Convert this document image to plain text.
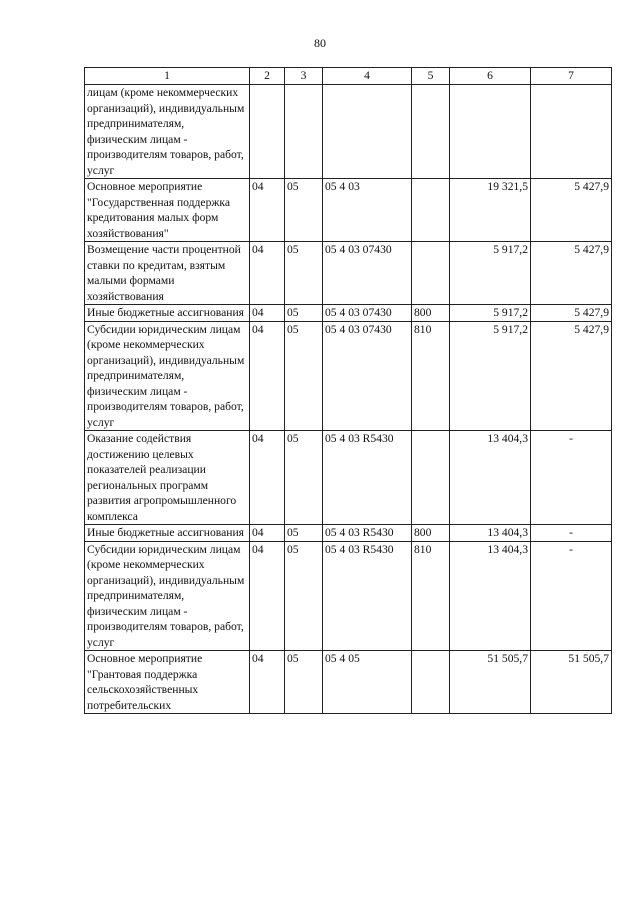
80
1	2	3	4	5	6	7
лицам (кроме некоммерческих организаций), индивидуальным предпринимателям, физическим лицам - производителям товаров, работ, услуг						
Основное мероприятие "Государственная поддержка кредитования малых форм хозяйствования"	04	05	05 4 03		19 321,5	5 427,9
Возмещение части процентной ставки по кредитам, взятым малыми формами хозяйствования	04	05	05 4 03 07430		5 917,2	5 427,9
Иные бюджетные ассигнования	04	05	05 4 03 07430	800	5 917,2	5 427,9
Субсидии юридическим лицам (кроме некоммерческих организаций), индивидуальным предпринимателям, физическим лицам - производителям товаров, работ, услуг	04	05	05 4 03 07430	810	5 917,2	5 427,9
Оказание содействия достижению целевых показателей реализации региональных программ развития агропромышленного комплекса	04	05	05 4 03 R5430		13 404,3	-
Иные бюджетные ассигнования	04	05	05 4 03 R5430	800	13 404,3	-
Субсидии юридическим лицам (кроме некоммерческих организаций), индивидуальным предпринимателям, физическим лицам - производителям товаров, работ, услуг	04	05	05 4 03 R5430	810	13 404,3	-
Основное мероприятие "Грантовая поддержка сельскохозяйственных потребительских	04	05	05 4 05		51 505,7	51 505,7
